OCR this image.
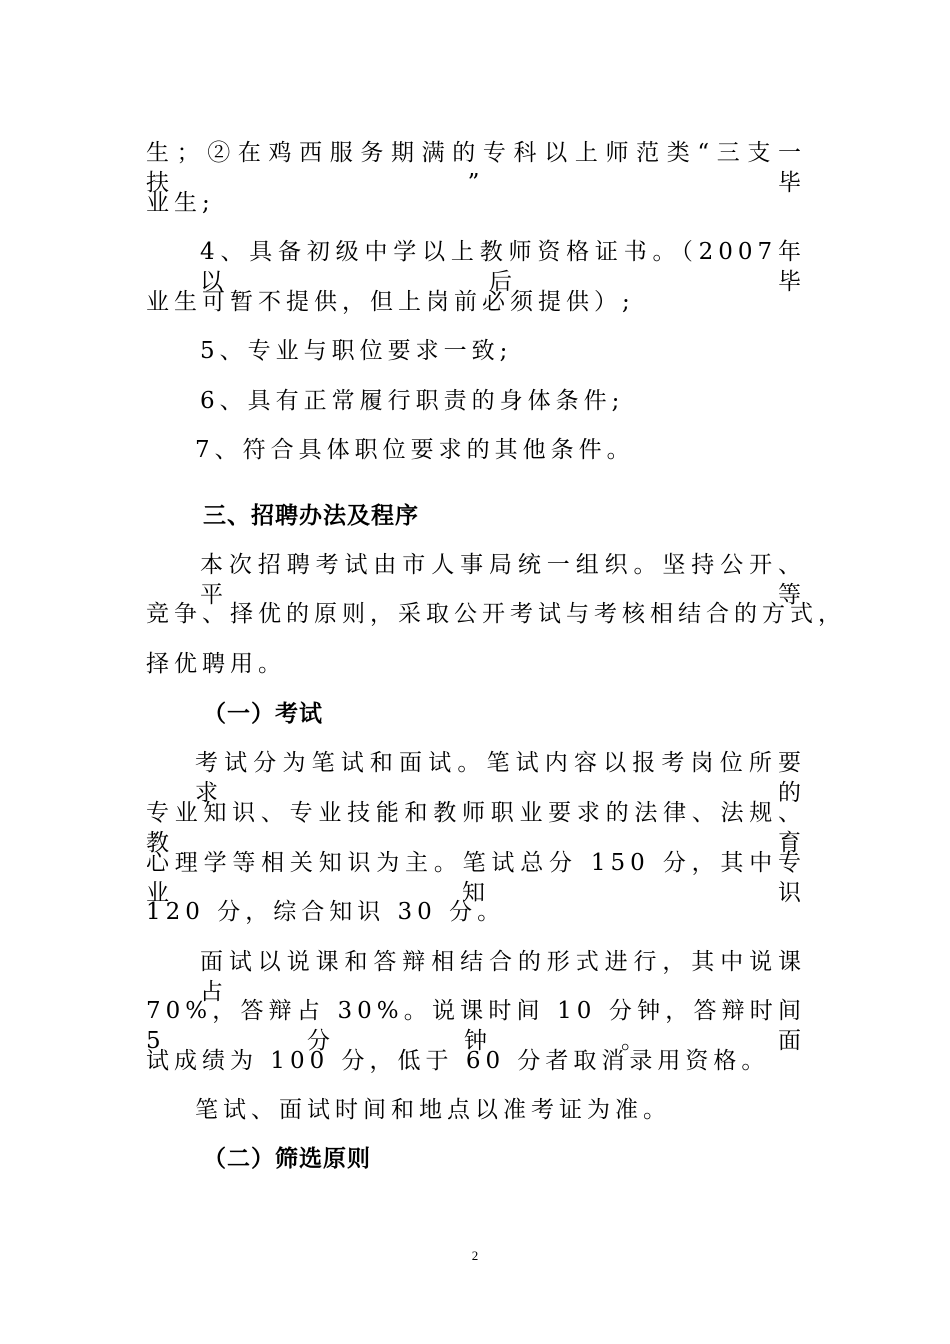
生；②在鸡西服务期满的专科以上师范类“三支一扶”毕
业生;
4、具备初级中学以上教师资格证书。（2007年以后毕
业生可暂不提供，但上岗前必须提供）;
5、专业与职位要求一致;
6、具有正常履行职责的身体条件;
7、符合具体职位要求的其他条件。
三、招聘办法及程序
本次招聘考试由市人事局统一组织。坚持公开、平等
竞争、择优的原则，采取公开考试与考核相结合的方式，
择优聘用。
（一）考试
考试分为笔试和面试。笔试内容以报考岗位所要求的
专业知识、专业技能和教师职业要求的法律、法规、教育
心理学等相关知识为主。笔试总分 150 分，其中专业知识
120 分，综合知识 30 分。
面试以说课和答辩相结合的形式进行，其中说课占
70%，答辩占 30%。说课时间 10 分钟，答辩时间 5 分钟。面
试成绩为 100 分，低于 60 分者取消录用资格。
笔试、面试时间和地点以准考证为准。
（二）筛选原则
2
